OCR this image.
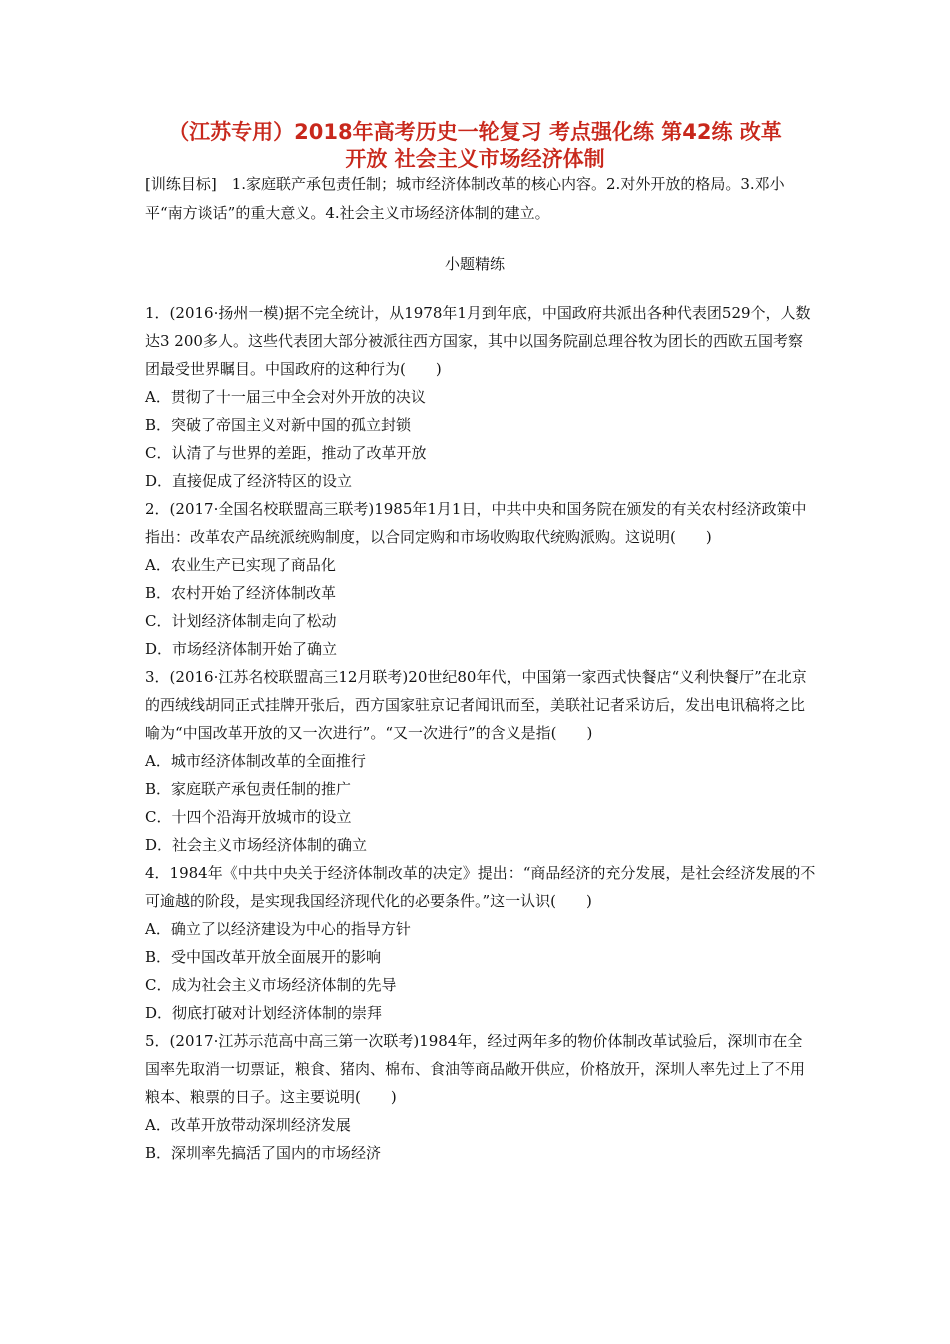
（江苏专用）2018年高考历史一轮复习 考点强化练 第42练 改革
开放 社会主义市场经济体制
[训练目标]　1.家庭联产承包责任制；城市经济体制改革的核心内容。2.对外开放的格局。3.邓小平“南方谈话”的重大意义。4.社会主义市场经济体制的建立。
小题精练

1．(2016·扬州一模)据不完全统计，从1978年1月到年底，中国政府共派出各种代表团529个，人数达3 200多人。这些代表团大部分被派往西方国家，其中以国务院副总理谷牧为团长的西欧五国考察团最受世界瞩目。中国政府的这种行为(　　)

A．贯彻了十一届三中全会对外开放的决议

B．突破了帝国主义对新中国的孤立封锁

C．认清了与世界的差距，推动了改革开放

D．直接促成了经济特区的设立

2．(2017·全国名校联盟高三联考)1985年1月1日，中共中央和国务院在颁发的有关农村经济政策中指出：改革农产品统派统购制度，以合同定购和市场收购取代统购派购。这说明(　　)

A．农业生产已实现了商品化

B．农村开始了经济体制改革

C．计划经济体制走向了松动

D．市场经济体制开始了确立

3．(2016·江苏名校联盟高三12月联考)20世纪80年代，中国第一家西式快餐店“义利快餐厅”在北京的西绒线胡同正式挂牌开张后，西方国家驻京记者闻讯而至，美联社记者采访后，发出电讯稿将之比喻为“中国改革开放的又一次进行”。“又一次进行”的含义是指(　　)

A．城市经济体制改革的全面推行

B．家庭联产承包责任制的推广

C．十四个沿海开放城市的设立

D．社会主义市场经济体制的确立

4．1984年《中共中央关于经济体制改革的决定》提出：“商品经济的充分发展，是社会经济发展的不可逾越的阶段，是实现我国经济现代化的必要条件。”这一认识(　　)

A．确立了以经济建设为中心的指导方针

B．受中国改革开放全面展开的影响

C．成为社会主义市场经济体制的先导

D．彻底打破对计划经济体制的崇拜

5．(2017·江苏示范高中高三第一次联考)1984年，经过两年多的物价体制改革试验后，深圳市在全国率先取消一切票证，粮食、猪肉、棉布、食油等商品敞开供应，价格放开，深圳人率先过上了不用粮本、粮票的日子。这主要说明(　　)

A．改革开放带动深圳经济发展

B．深圳率先搞活了国内的市场经济
